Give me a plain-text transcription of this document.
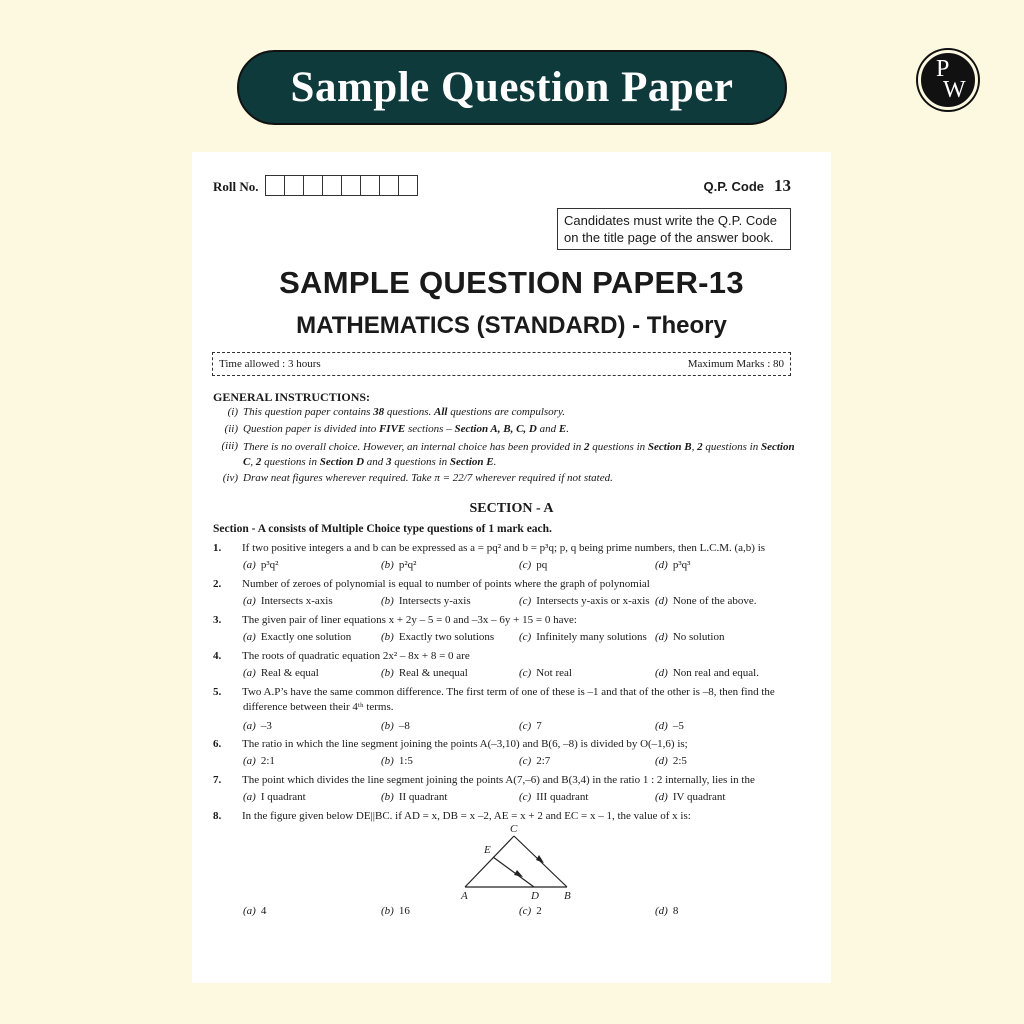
Sample Question Paper	P
W
Roll No.	Q.P. Code 13
Candidates must write the Q.P. Code on the title page of the answer book.
SAMPLE QUESTION PAPER-13
MATHEMATICS (STANDARD) - Theory
Time allowed : 3 hours	Maximum Marks : 80
GENERAL INSTRUCTIONS:
(i) This question paper contains 38 questions. All questions are compulsory.
(ii) Question paper is divided into FIVE sections – Section A, B, C, D and E.
(iii) There is no overall choice. However, an internal choice has been provided in 2 questions in Section B, 2 questions in Section C, 2 questions in Section D and 3 questions in Section E.
(iv) Draw neat figures wherever required. Take π = 22/7 wherever required if not stated.
SECTION - A
Section - A consists of Multiple Choice type questions of 1 mark each.
1. If two positive integers a and b can be expressed as a = pq² and b = p³q; p, q being prime numbers, then L.C.M. (a,b) is
(a) p³q²	(b) p²q²	(c) pq	(d) p³q³
2. Number of zeroes of polynomial is equal to number of points where the graph of polynomial
(a) Intersects x-axis	(b) Intersects y-axis	(c) Intersects y-axis or x-axis (d) None of the above.
3. The given pair of liner equations x + 2y – 5 = 0 and –3x – 6y + 15 = 0 have:
(a) Exactly one solution	(b) Exactly two solutions (c) Infinitely many solutions (d) No solution
4. The roots of quadratic equation 2x² – 8x + 8 = 0 are
(a) Real & equal	(b) Real & unequal	(c) Not real	(d) Non real and equal.
5. Two A.P’s have the same common difference. The first term of one of these is –1 and that of the other is –8, then find the difference between their 4ᵗʰ terms.
(a) –3	(b) –8	(c) 7	(d) –5
6. The ratio in which the line segment joining the points A(–3,10) and B(6, –8) is divided by O(–1,6) is;
(a) 2:1	(b) 1:5	(c) 2:7	(d) 2:5
7. The point which divides the line segment joining the points A(7,–6) and B(3,4) in the ratio 1 : 2 internally, lies in the
(a) I quadrant	(b) II quadrant	(c) III quadrant	(d) IV quadrant
8. In the figure given below DE||BC. if AD = x, DB = x –2, AE = x + 2 and EC = x – 1, the value of x is:
(a) 4	(b) 16	(c) 2	(d) 8
C
E
A	D B
